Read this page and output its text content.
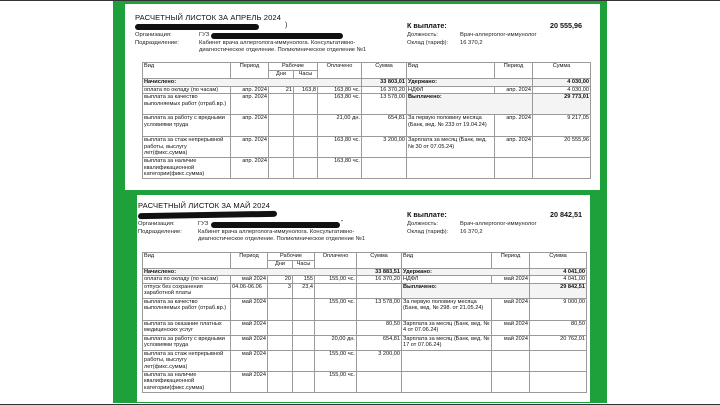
РАСЧЕТНЫЙ ЛИСТОК ЗА АПРЕЛЬ 2024
)
Организация:	ГУЗ
Подразделение:	Кабинет врача аллерголога-иммунолога. Консультативно-диагностическое отделение. Поликлиническое отделение №1
К выплате:	20 555,96
Должность:	Врач-аллерголог-иммунолог
Оклад (тариф): 16 370,2
Вид	Период	Рабочие		Оплачено	Сумма	Вид	Период	Сумма
		Дни	Часы					
Начислено:					33 803,01	Удержано:		4 030,00
оплата по окладу (по часам)	апр. 2024	21	163,8	163,80 чс.	16 370,20	НДФЛ	апр. 2024	4 030,00
выплата за качество выполняемых работ (отраб.вр.)	апр. 2024			163,80 чс.	13 578,00	Выплачено:		29 773,01
выплата за работу с вредными условиями труда	апр. 2024			21,00 дн.	654,81	За первую половину месяца (Банк, вед. № 233 от 19.04.24)	апр. 2024	9 217,05
выплата за стаж непрерывной работы, выслугу лет(фикс.сумма)	апр. 2024			163,80 чс.	3 200,00	Зарплата за месяц (Банк, вед. № 30 от 07.05.24)	апр. 2024	20 555,96
выплата за наличие квалификационной категории(фикс.сумма)	апр. 2024			163,80 чс.				
РАСЧЕТНЫЙ ЛИСТОК ЗА МАЙ 2024
Организация:	ГУЗ	"
Подразделение:	Кабинет врача аллерголога-иммунолога. Консультативно-диагностическое отделение. Поликлиническое отделение №1
К выплате:	20 842,51
Должность:	Врач-аллерголог-иммунолог
Оклад (тариф): 16 370,2
Вид	Период	Рабочие		Оплачено	Сумма	Вид	Период	Сумма
		Дни	Часы					
Начислено:					33 883,51	Удержано:		4 041,00
оплата по окладу (по часам)	май 2024	20	155	155,00 чс.	16 370,20	НДФЛ	май 2024	4 041,00
отпуск без сохранения заработной платы	04.06-06.06	3	23,4			Выплачено:		29 842,51
выплата за качество выполняемых работ (отраб.вр.)	май 2024			155,00 чс.	13 578,00	За первую половину месяца (Банк, вед. № 298. от 21.05.24)	май 2024	9 000,00
выплата за оказание платных медицинских услуг	май 2024				80,50	Зарплата за месяц (Банк, вед. № 4 от 07.06.24)	май 2024	80,50
выплата за работу с вредными условиями труда	май 2024			20,00 дн.	654,81	Зарплата за месяц (Банк, вед. № 17 от 07.06.24)	май 2024	20 762,01
выплата за стаж непрерывной работы, выслугу лет(фикс.сумма)	май 2024			155,00 чс.	3 200,00			
выплата за наличие квалификационной категории(фикс.сумма)	май 2024			155,00 чс.				
